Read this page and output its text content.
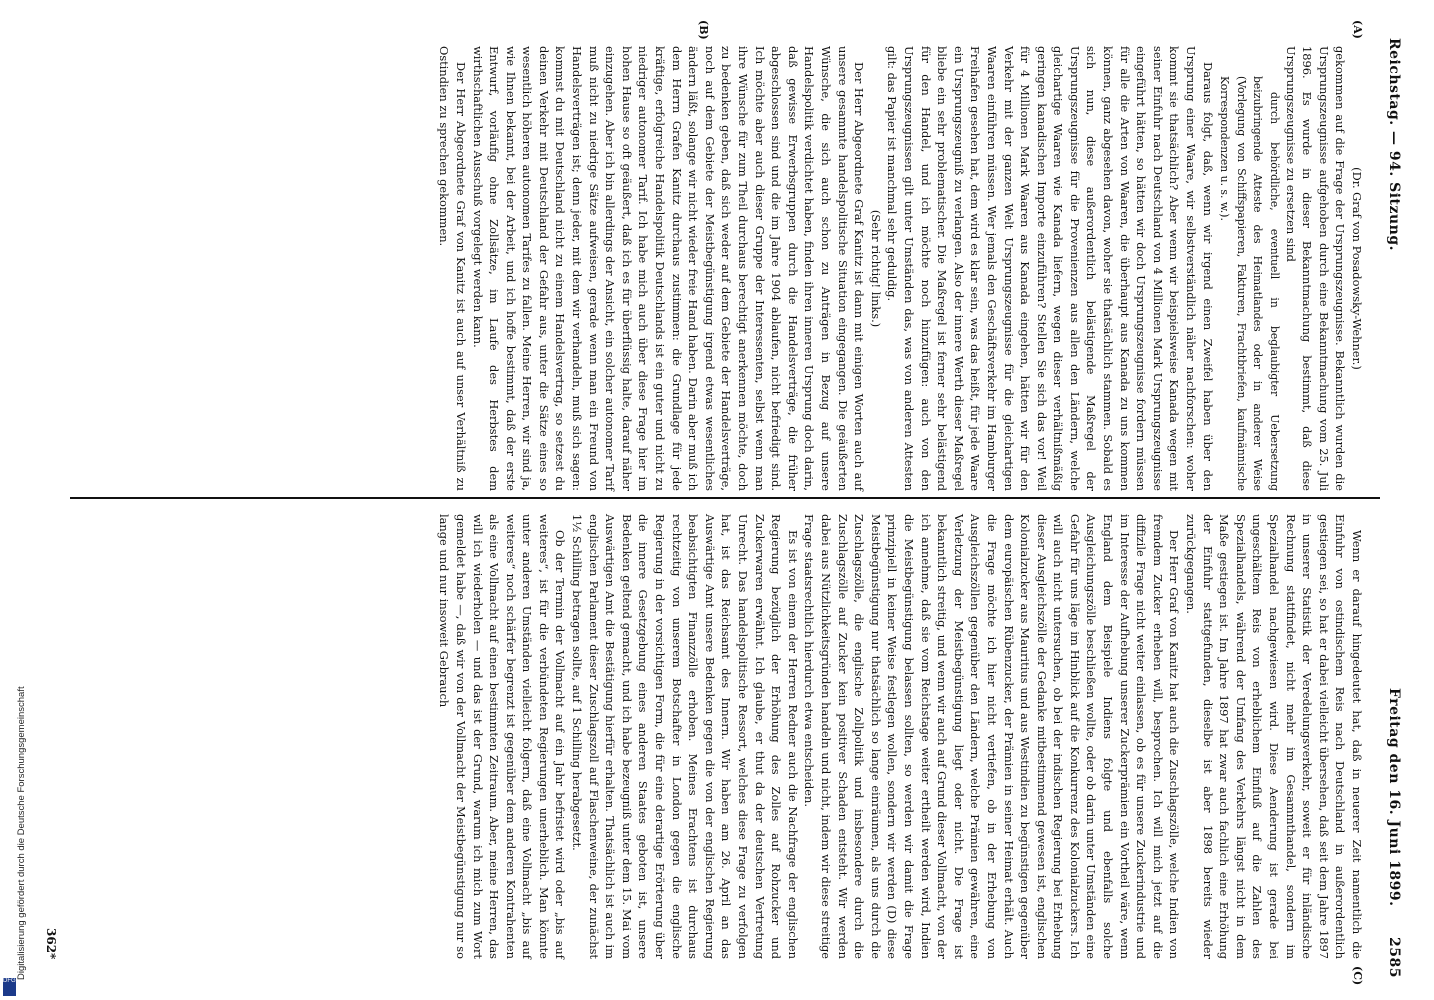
Reichstag. — 94. Sitzung.
Freitag den 16. Juni 1899.
2585

(Dr. Graf von Posadowsky-Wehner.)

gekommen auf die Frage der Ursprungszeugnisse. Bekanntlich wurden die Ursprungszeugnisse aufgehoben durch eine Bekanntmachung vom 25. Juli 1896. Es wurde in dieser Bekanntmachung bestimmt, daß diese Ursprungszeugnisse zu ersetzen sind

durch behördliche, eventuell in beglaubigter Uebersetzung beizubringende Atteste des Heimatlandes oder in anderer Weise (Vorlegung von Schiffspapieren, Fakturen, Frachtbriefen, kaufmännische Korrespondenzen u. s. w.).

Daraus folgt, daß, wenn wir irgend einen Zweifel haben über den Ursprung einer Waare, wir selbstverständlich näher nachforschen: woher kommt sie thatsächlich? Aber wenn wir beispielsweise Kanada wegen mit seiner Einfuhr nach Deutschland von 4 Millionen Mark Ursprungszeugnisse eingeführt hätten, so hätten wir doch Ursprungszeugnisse fordern müssen für alle die Arten von Waaren, die überhaupt aus Kanada zu uns kommen können, ganz abgesehen davon, woher sie thatsächlich stammen. Sobald es sich nun, diese außerordentlich belästigende Maßregel der Ursprungszeugnisse für die Provenienzen aus allen den Ländern, welche gleichartige Waaren wie Kanada liefern, wegen dieser verhältnißmäßig geringen kanadischen Importe einzuführen? Stellen Sie sich das vor! Weil für 4 Millionen Mark Waaren aus Kanada eingehen, hätten wir für den Verkehr mit der ganzen Welt Ursprungszeugnisse für die gleichartigen Waaren einführen müssen. Wer jemals den Geschäftsverkehr im Hamburger Freihafen gesehen hat, dem wird es klar sein, was das heißt, für jede Waare ein Ursprungszeugniß zu verlangen. Also der innere Werth dieser Maßregel bliebe ein sehr problematischer. Die Maßregel ist ferner sehr belästigend für den Handel, und ich möchte noch hinzufügen: auch von den Ursprungszeugnissen gilt unter Umständen das, was von anderen Attesten gilt: das Papier ist manchmal sehr geduldig.

(Sehr richtig! links.)

Der Herr Abgeordnete Graf Kanitz ist dann mit einigen Worten auch auf unsere gesammte handelspolitische Situation eingegangen. Die geäußerten Wünsche, die sich auch schon zu Anträgen in Bezug auf unsere Handelspolitik verdichtet haben, finden ihren inneren Ursprung doch darin, daß gewisse Erwerbsgruppen durch die Handelsverträge, die früher abgeschlossen sind und die im Jahre 1904 ablaufen, nicht befriedigt sind. Ich möchte aber auch dieser Gruppe der Interessenten, selbst wenn man ihre Wünsche für zum Theil durchaus berechtigt anerkennen möchte, doch zu bedenken geben, daß sich weder auf dem Gebiete der Handelsverträge, noch auf dem Gebiete der Meistbegünstigung irgend etwas wesentliches ändern läßt, solange wir nicht wieder freie Hand haben. Darin aber muß ich dem Herrn Grafen Kanitz durchaus zustimmen: die Grundlage für jede kräftige, erfolgreiche Handelspolitik Deutschlands ist ein guter und nicht zu niedriger autonomer Tarif. Ich habe mich auch über diese Frage hier im hohen Hause so oft geäußert, daß ich es für überflüssig halte, darauf näher einzugehen. Aber ich bin allerdings der Ansicht, ein solcher autonomer Tarif muß nicht zu niedrige Sätze aufweisen, gerade wenn man ein Freund von Handelsverträgen ist; denn jeder, mit dem wir verhandeln, muß sich sagen: kommst du mit Deutschland nicht zu einem Handelsvertrag, so setzest du deinen Verkehr mit Deutschland der Gefahr aus, unter die Sätze eines so wesentlich höheren autonomen Tarifes zu fallen. Meine Herren, wir sind ja, wie Ihnen bekannt, bei der Arbeit, und ich hoffe bestimmt, daß der erste Entwurf, vorläufig ohne Zollsätze, im Laufe des Herbstes dem wirthschaftlichen Ausschuß vorgelegt werden kann.

Der Herr Abgeordnete Graf von Kanitz ist auch auf unser Verhältniß zu Ostindien zu sprechen gekommen.

Wenn er darauf hingedeutet hat, daß in neuerer Zeit namentlich die Einfuhr von ostindischem Reis nach Deutschland in außerordentlich gestiegen sei, so hat er dabei vielleicht übersehen, daß seit dem Jahre 1897 in unserer Statistik der Veredelungsverkehr, soweit er für inländische Rechnung stattfindet, nicht mehr im Gesammthandel, sondern im Spezialhandel nachgewiesen wird. Diese Aenderung ist gerade bei ungeschältem Reis von erheblichem Einfluß auf die Zahlen des Spezialhandels, während der Umfang des Verkehrs längst nicht in dem Maße gestiegen ist. Im Jahre 1897 hat zwar auch fachlich eine Erhöhung der Einfuhr stattgefunden, dieselbe ist aber 1898 bereits wieder zurückgegangen.

Der Herr Graf von Kanitz hat auch die Zuschlagszölle, welche Indien von fremdem Zucker erheben will, besprochen. Ich will mich jetzt auf die diffizile Frage nicht weiter einlassen, ob es für unsere Zuckerindustrie und im Interesse der Aufhebung unserer Zuckerprämien ein Vortheil wäre, wenn England dem Beispiele Indiens folgte und ebenfalls solche Ausgleichungszölle beschließen wollte, oder ob darin unter Umständen eine Gefahr für uns läge im Hinblick auf die Konkurrenz des Kolonialzuckers. Ich will auch nicht untersuchen, ob bei der indischen Regierung bei Erhebung dieser Ausgleichszölle der Gedanke mitbestimmend gewesen ist, englischen Kolonialzucker aus Mauritius und aus Westindien zu begünstigen gegenüber dem europäischen Rübenzucker, der Prämien in seiner Heimat erhält. Auch die Frage möchte ich hier nicht vertiefen, ob in der Erhebung von Ausgleichszöllen gegenüber den Ländern, welche Prämien gewähren, eine Verletzung der Meistbegünstigung liegt oder nicht. Die Frage ist bekanntlich streitig, und wenn wir auch auf Grund dieser Vollmacht, von der ich annehme, daß sie vom Reichstage weiter ertheilt werden wird, Indien die Meistbegünstigung belassen sollten, so werden wir damit die Frage prinzipiell in keiner Weise festlegen wollen, sondern wir werden (D) diese Meistbegünstigung nur thatsächlich so lange einräumen, als uns durch die Zuschlagszölle, die englische Zollpolitik und insbesondere durch die Zuschlagszölle auf Zucker kein positiver Schaden entsteht. Wir werden dabei aus Nützlichkeitsgründen handeln und nicht, indem wir diese streitige Frage staatsrechtlich hierdurch etwa entscheiden.

Es ist von einem der Herren Redner auch die Nachfrage der englischen Regierung bezüglich der Erhöhung des Zolles auf Rohzucker und Zuckerwaren erwähnt. Ich glaube, er thut da der deutschen Vertretung Unrecht. Das handelspolitische Ressort, welches diese Frage zu verfolgen hat, ist das Reichsamt des Innern. Wir haben am 26. April an das Auswärtige Amt unsere Bedenken gegen die von der englischen Regierung beabsichtigten Finanzzölle erhoben. Meines Erachtens ist durchaus rechtzeitig von unserem Botschafter in London gegen die englische Regierung in der vorsichtigen Form, die für eine derartige Erörterung über die innere Gesetzgebung eines anderen Staates geboten ist, unsere Bedenken geltend gemacht, und ich habe bezeugniß unter dem 15. Mai vom Auswärtigen Amt die Bestätigung hierfür erhalten. Thatsächlich ist auch im englischen Parlament dieser Zuschlagszoll auf Flaschenweine, der zunächst 1½ Schilling betragen sollte, auf 1 Schilling herabgesetzt.

Ob der Termin der Vollmacht auf ein Jahr befristet wird oder „bis auf weiteres“, ist für die verbündeten Regierungen unerheblich. Man könnte unter anderen Umständen vielleicht folgern, daß eine Vollmacht „bis auf weiteres“ noch schärfer begrenzt ist gegenüber dem anderen Kontrahenten als eine Vollmacht auf einen bestimmten Zeitraum. Aber, meine Herren, das will ich wiederholen — und das ist der Grund, warum ich mich zum Wort gemeldet habe —, daß wir von der Vollmacht der Meistbegünstigung nur so lange und nur insoweit Gebrauch

(A)
(B)
(C)
362*
Digitalisierung gefördert durch die Deutsche Forschungsgemeinschaft
DFG
